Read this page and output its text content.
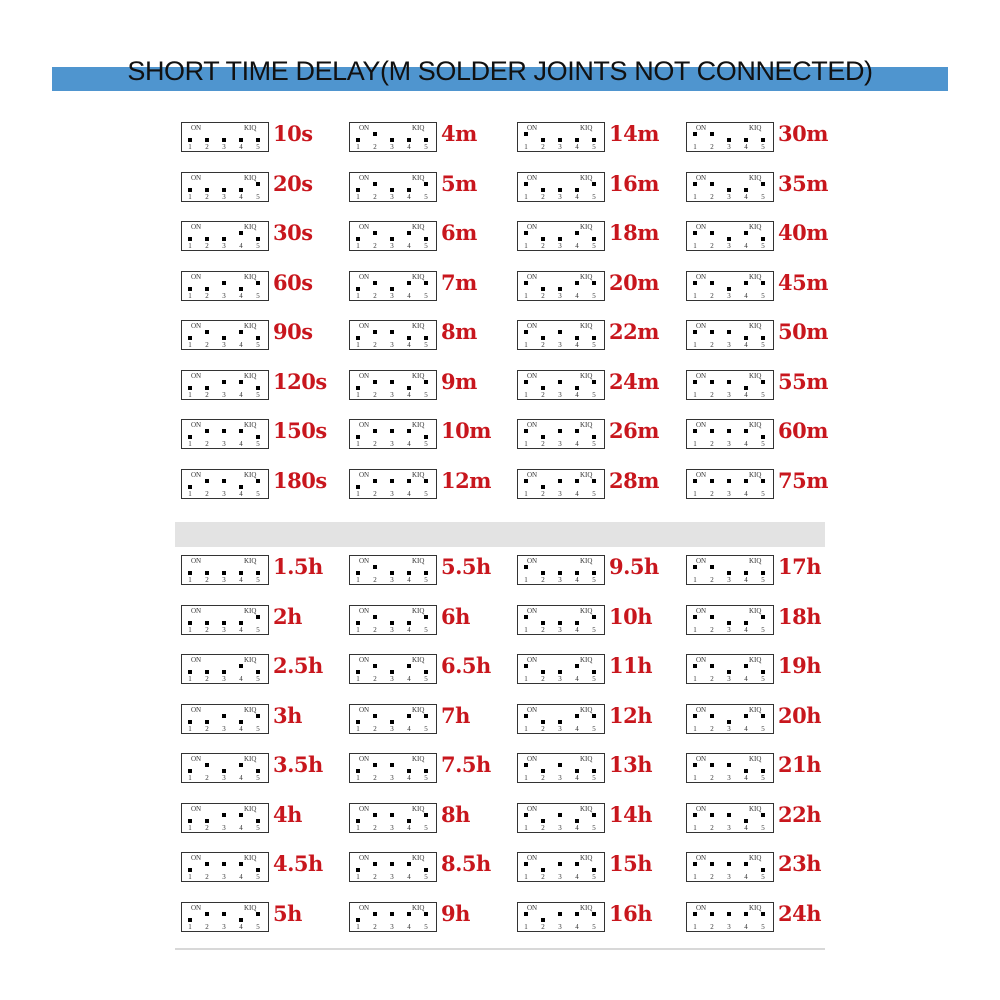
SHORT TIME DELAY(M SOLDER JOINTS NOT CONNECTED)
ON	KIQ
1	2	3	4	5
10s
ON	KIQ
1	2	3	4	5
20s
ON	KIQ
1	2	3	4	5
30s
ON	KIQ
1	2	3	4	5
60s
ON	KIQ
1	2	3	4	5
90s
ON	KIQ
1	2	3	4	5
120s
ON	KIQ
1	2	3	4	5
150s
ON	KIQ
1	2	3	4	5
180s
ON	KIQ
1	2	3	4	5
4m
ON	KIQ
1	2	3	4	5
5m
ON	KIQ
1	2	3	4	5
6m
ON	KIQ
1	2	3	4	5
7m
ON	KIQ
1	2	3	4	5
8m
ON	KIQ
1	2	3	4	5
9m
ON	KIQ
1	2	3	4	5
10m
ON	KIQ
1	2	3	4	5
12m
ON	KIQ
1	2	3	4	5
14m
ON	KIQ
1	2	3	4	5
16m
ON	KIQ
1	2	3	4	5
18m
ON	KIQ
1	2	3	4	5
20m
ON	KIQ
1	2	3	4	5
22m
ON	KIQ
1	2	3	4	5
24m
ON	KIQ
1	2	3	4	5
26m
ON	KIQ
1	2	3	4	5
28m
ON	KIQ
1	2	3	4	5
30m
ON	KIQ
1	2	3	4	5
35m
ON	KIQ
1	2	3	4	5
40m
ON	KIQ
1	2	3	4	5
45m
ON	KIQ
1	2	3	4	5
50m
ON	KIQ
1	2	3	4	5
55m
ON	KIQ
1	2	3	4	5
60m
ON	KIQ
1	2	3	4	5
75m
ON	KIQ
1	2	3	4	5
1.5h
ON	KIQ
1	2	3	4	5
2h
ON	KIQ
1	2	3	4	5
2.5h
ON	KIQ
1	2	3	4	5
3h
ON	KIQ
1	2	3	4	5
3.5h
ON	KIQ
1	2	3	4	5
4h
ON	KIQ
1	2	3	4	5
4.5h
ON	KIQ
1	2	3	4	5
5h
ON	KIQ
1	2	3	4	5
5.5h
ON	KIQ
1	2	3	4	5
6h
ON	KIQ
1	2	3	4	5
6.5h
ON	KIQ
1	2	3	4	5
7h
ON	KIQ
1	2	3	4	5
7.5h
ON	KIQ
1	2	3	4	5
8h
ON	KIQ
1	2	3	4	5
8.5h
ON	KIQ
1	2	3	4	5
9h
ON	KIQ
1	2	3	4	5
9.5h
ON	KIQ
1	2	3	4	5
10h
ON	KIQ
1	2	3	4	5
11h
ON	KIQ
1	2	3	4	5
12h
ON	KIQ
1	2	3	4	5
13h
ON	KIQ
1	2	3	4	5
14h
ON	KIQ
1	2	3	4	5
15h
ON	KIQ
1	2	3	4	5
16h
ON	KIQ
1	2	3	4	5
17h
ON	KIQ
1	2	3	4	5
18h
ON	KIQ
1	2	3	4	5
19h
ON	KIQ
1	2	3	4	5
20h
ON	KIQ
1	2	3	4	5
21h
ON	KIQ
1	2	3	4	5
22h
ON	KIQ
1	2	3	4	5
23h
ON	KIQ
1	2	3	4	5
24h
